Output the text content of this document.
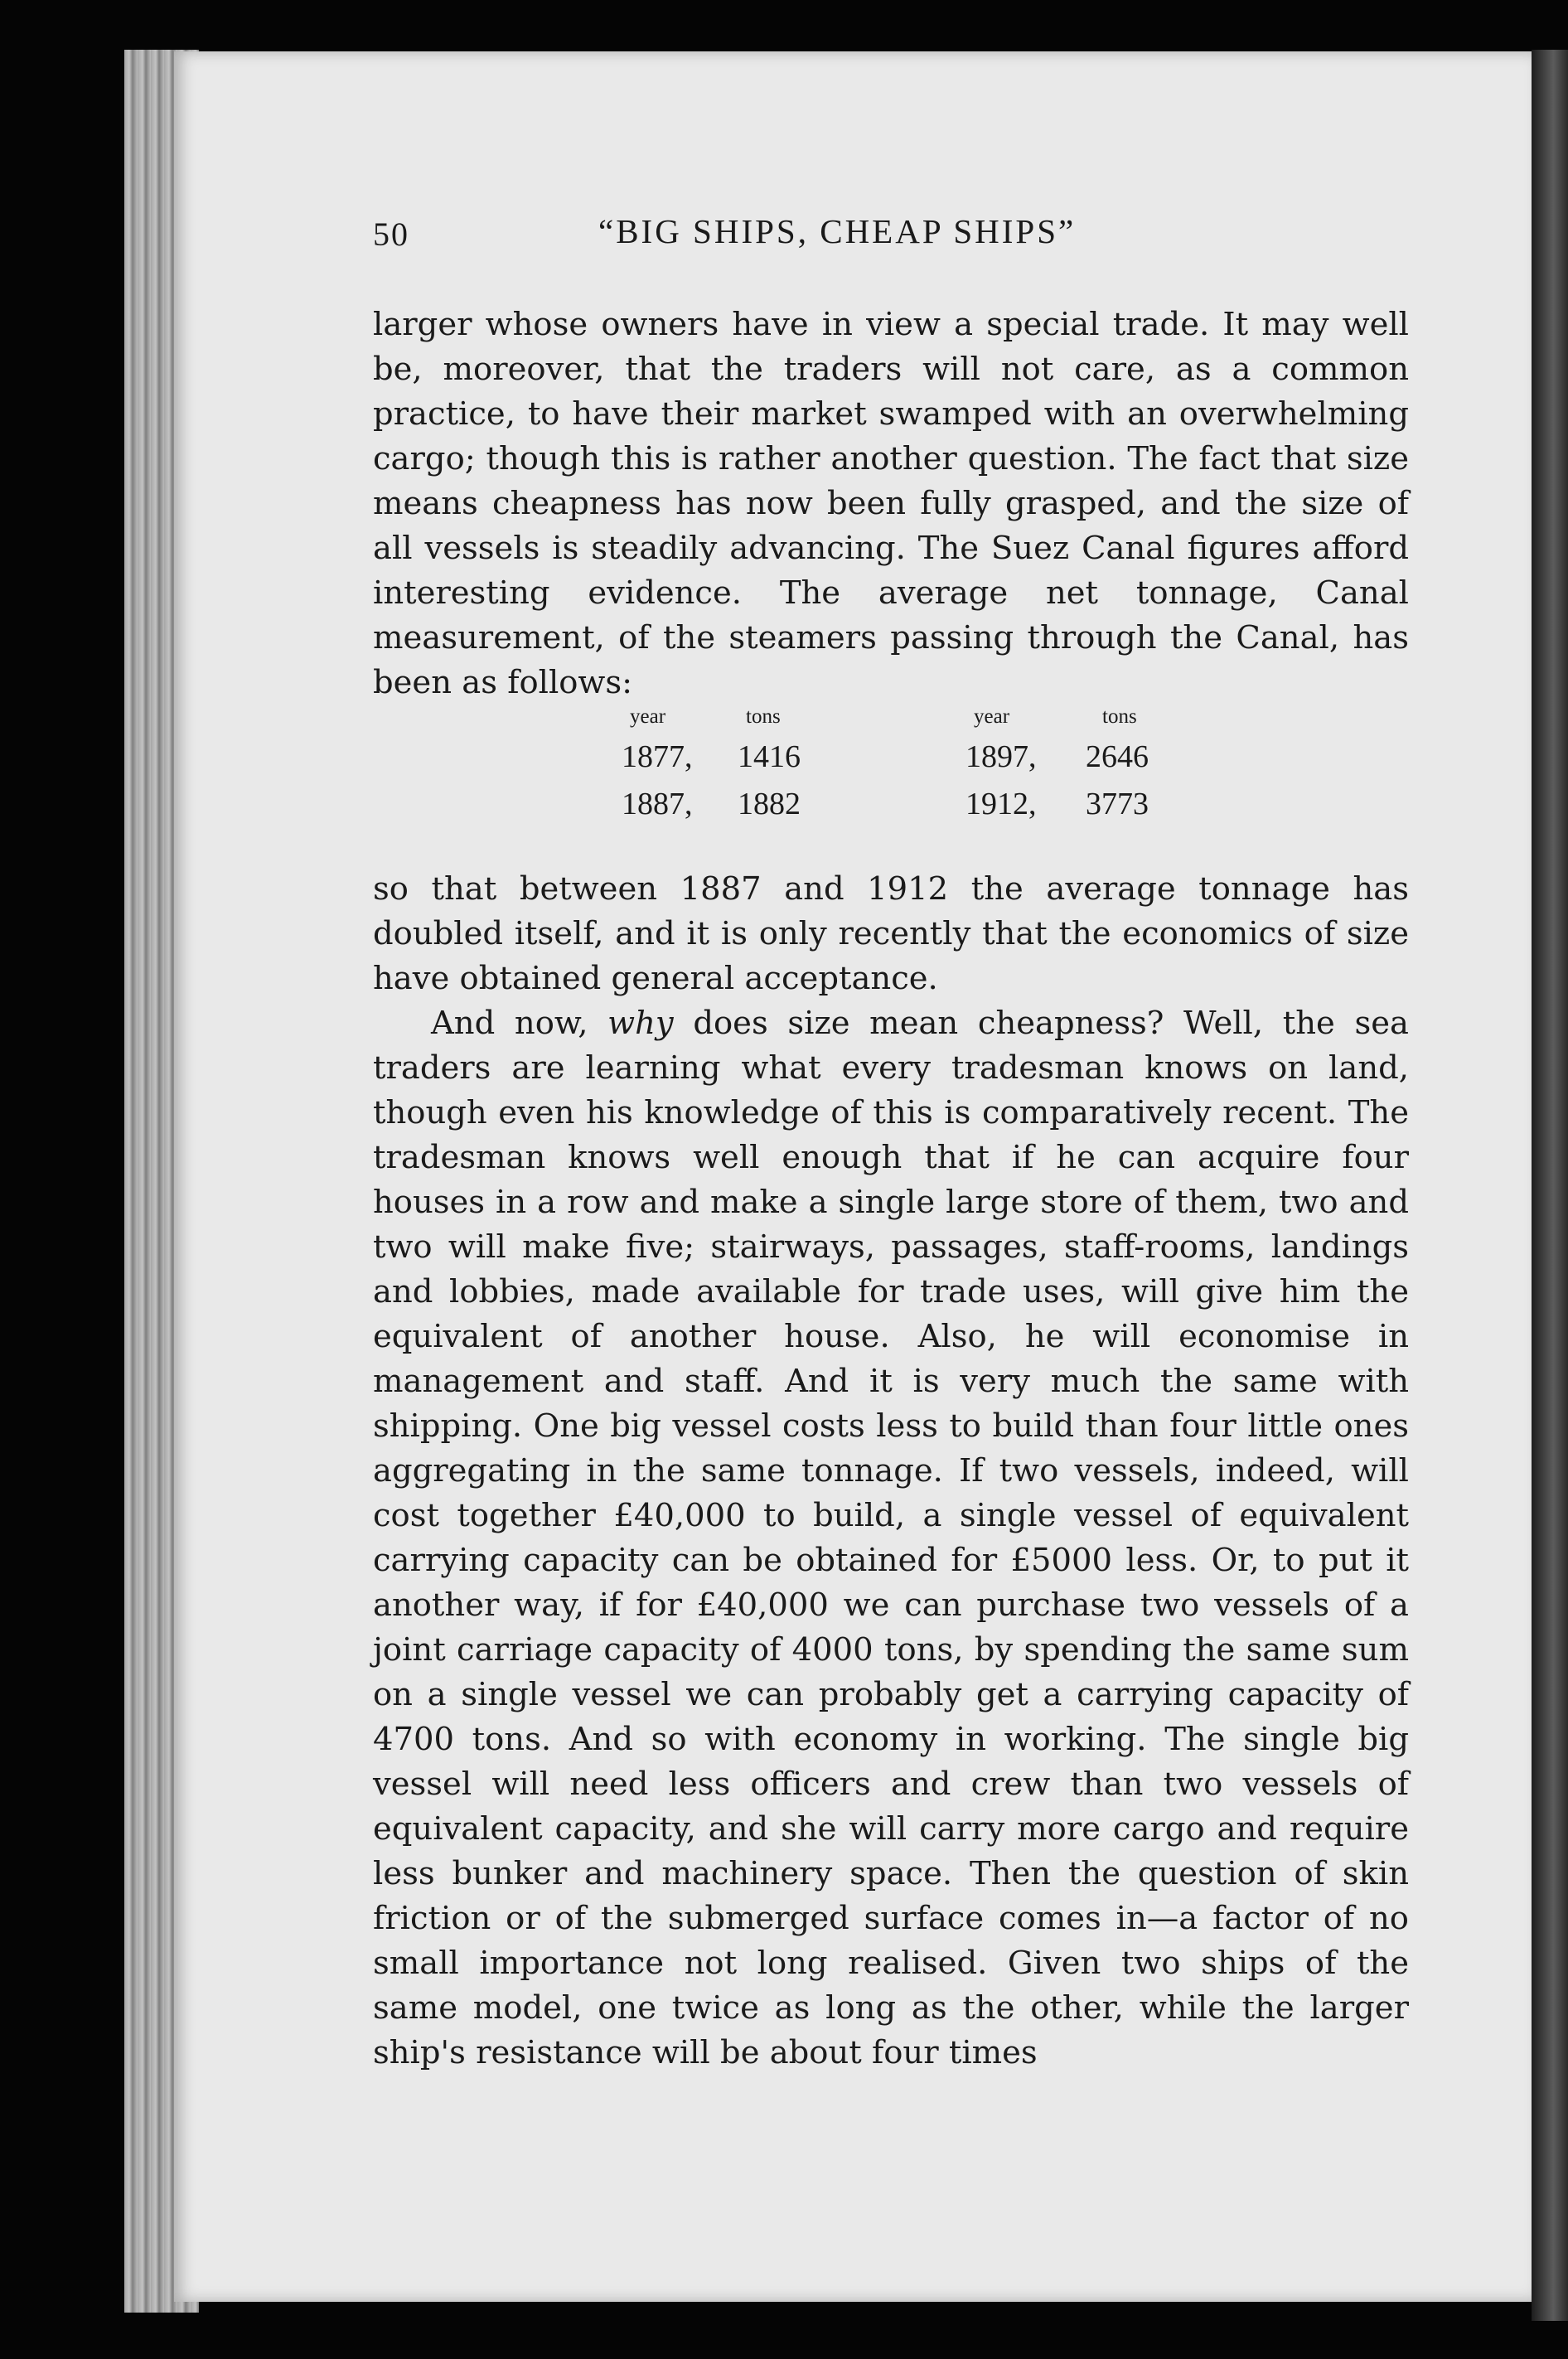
50	“BIG SHIPS, CHEAP SHIPS”

larger whose owners have in view a special trade. It may well be, moreover, that the traders will not care, as a common practice, to have their market swamped with an overwhelming cargo; though this is rather another question. The fact that size means cheapness has now been fully grasped, and the size of all vessels is steadily advancing. The Suez Canal figures afford interesting evidence. The average net tonnage, Canal measurement, of the steamers passing through the Canal, has been as follows:

year	tons	year	tons
1877, 1416	1897, 2646
1887, 1882	1912, 3773

so that between 1887 and 1912 the average tonnage has doubled itself, and it is only recently that the economics of size have obtained general acceptance.

And now, why does size mean cheapness? Well, the sea traders are learning what every tradesman knows on land, though even his knowledge of this is comparatively recent. The tradesman knows well enough that if he can acquire four houses in a row and make a single large store of them, two and two will make five; stairways, passages, staff-rooms, landings and lobbies, made available for trade uses, will give him the equivalent of another house. Also, he will economise in management and staff. And it is very much the same with shipping. One big vessel costs less to build than four little ones aggregating in the same tonnage. If two vessels, indeed, will cost together £40,000 to build, a single vessel of equivalent carrying capacity can be obtained for £5000 less. Or, to put it another way, if for £40,000 we can purchase two vessels of a joint carriage capacity of 4000 tons, by spending the same sum on a single vessel we can probably get a carrying capacity of 4700 tons. And so with economy in working. The single big vessel will need less officers and crew than two vessels of equivalent capacity, and she will carry more cargo and require less bunker and machinery space. Then the question of skin friction or of the submerged surface comes in—a factor of no small importance not long realised. Given two ships of the same model, one twice as long as the other, while the larger ship's resistance will be about four times
